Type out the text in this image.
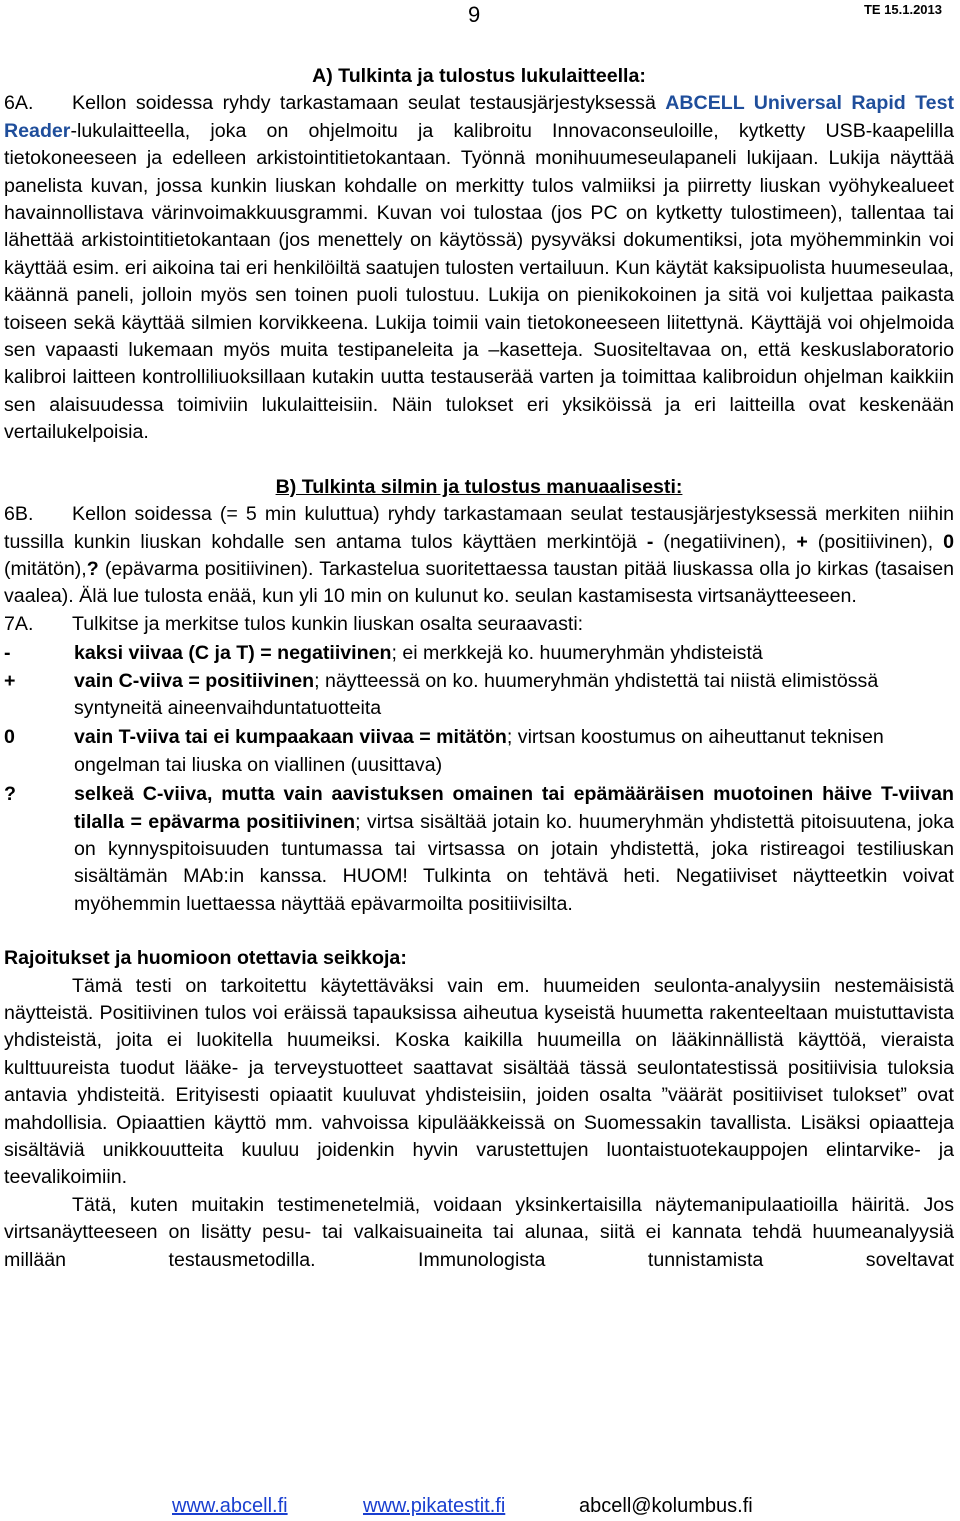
9	TE 15.1.2013
A) Tulkinta ja tulostus lukulaitteella:
6A. Kellon soidessa ryhdy tarkastamaan seulat testausjärjestyksessä ABCELL Universal Rapid Test Reader-lukulaitteella, joka on ohjelmoitu ja kalibroitu Innovaconseuloille, kytketty USB-kaapelilla tietokoneeseen ja edelleen arkistointitietokantaan. Työnnä monihuumeseulapaneli lukijaan. Lukija näyttää panelista kuvan, jossa kunkin liuskan kohdalle on merkitty tulos valmiiksi ja piirretty liuskan vyöhykealueet havainnollistava värinvoimakkuusgrammi. Kuvan voi tulostaa (jos PC on kytketty tulostimeen), tallentaa tai lähettää arkistointitietokantaan (jos menettely on käytössä) pysyväksi dokumentiksi, jota myöhemminkin voi käyttää esim. eri aikoina tai eri henkilöiltä saatujen tulosten vertailuun. Kun käytät kaksipuolista huumeseulaa, käännä paneli, jolloin myös sen toinen puoli tulostuu. Lukija on pienikokoinen ja sitä voi kuljettaa paikasta toiseen sekä käyttää silmien korvikkeena. Lukija toimii vain tietokoneeseen liitettynä. Käyttäjä voi ohjelmoida sen vapaasti lukemaan myös muita testipaneleita ja –kasetteja. Suositeltavaa on, että keskuslaboratorio kalibroi laitteen kontrolliliuoksillaan kutakin uutta testauserää varten ja toimittaa kalibroidun ohjelman kaikkiin sen alaisuudessa toimiviin lukulaitteisiin. Näin tulokset eri yksiköissä ja eri laitteilla ovat keskenään vertailukelpoisia.
B) Tulkinta silmin ja tulostus manuaalisesti:
6B. Kellon soidessa (= 5 min kuluttua) ryhdy tarkastamaan seulat testausjärjestyksessä merkiten niihin tussilla kunkin liuskan kohdalle sen antama tulos käyttäen merkintöjä - (negatiivinen), + (positiivinen), 0 (mitätön),? (epävarma positiivinen). Tarkastelua suoritettaessa taustan pitää liuskassa olla jo kirkas (tasaisen vaalea). Älä lue tulosta enää, kun yli 10 min on kulunut ko. seulan kastamisesta virtsanäytteeseen.
7A. Tulkitse ja merkitse tulos kunkin liuskan osalta seuraavasti:
-	kaksi viivaa (C ja T) = negatiivinen; ei merkkejä ko. huumeryhmän yhdisteistä
+	vain C-viiva = positiivinen; näytteessä on ko. huumeryhmän yhdistettä tai niistä elimistössä syntyneitä aineenvaihduntatuotteita
0	vain T-viiva tai ei kumpaakaan viivaa = mitätön; virtsan koostumus on aiheuttanut teknisen ongelman tai liuska on viallinen (uusittava)
?	selkeä C-viiva, mutta vain aavistuksen omainen tai epämääräisen muotoinen häive T-viivan tilalla = epävarma positiivinen; virtsa sisältää jotain ko. huumeryhmän yhdistettä pitoisuutena, joka on kynnyspitoisuuden tuntumassa tai virtsassa on jotain yhdistettä, joka ristireagoi testiliuskan sisältämän MAb:in kanssa. HUOM! Tulkinta on tehtävä heti. Negatiiviset näytteetkin voivat myöhemmin luettaessa näyttää epävarmoilta positiivisilta.
Rajoitukset ja huomioon otettavia seikkoja:
Tämä testi on tarkoitettu käytettäväksi vain em. huumeiden seulonta-analyysiin nestemäisistä näytteistä. Positiivinen tulos voi eräissä tapauksissa aiheutua kyseistä huumetta rakenteeltaan muistuttavista yhdisteistä, joita ei luokitella huumeiksi. Koska kaikilla huumeilla on lääkinnällistä käyttöä, vieraista kulttuureista tuodut lääke- ja terveystuotteet saattavat sisältää tässä seulontatestissä positiivisia tuloksia antavia yhdisteitä. Erityisesti opiaatit kuuluvat yhdisteisiin, joiden osalta ”väärät positiiviset tulokset” ovat mahdollisia. Opiaattien käyttö mm. vahvoissa kipulääkkeissä on Suomessakin tavallista. Lisäksi opiaatteja sisältäviä unikkouutteita kuuluu joidenkin hyvin varustettujen luontaistuotekauppojen elintarvike- ja teevalikoimiin.
Tätä, kuten muitakin testimenetelmiä, voidaan yksinkertaisilla näytemanipulaatioilla häiritä. Jos virtsanäytteeseen on lisätty pesu- tai valkaisuaineita tai alunaa, siitä ei kannata tehdä huumeanalyysiä millään testausmetodilla. Immunologista tunnistamista soveltavat
www.abcell.fi	www.pikatestit.fi	abcell@kolumbus.fi
